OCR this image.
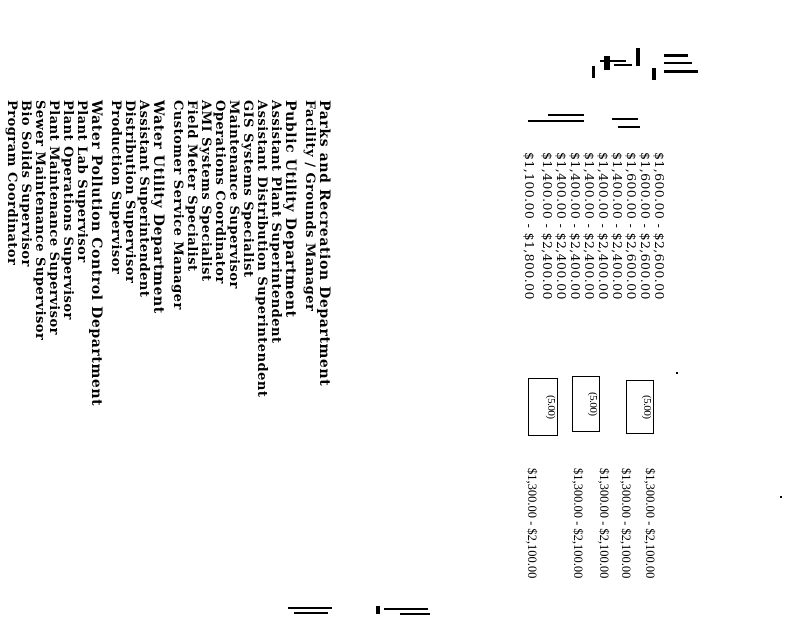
Parks and Recreation Department
Facility / Grounds Manager
Public Utility Department
Assistant Plant Superintendent
Assistant Distribution Superintendent
GIS Systems Specialist
Maintenance Supervisor
Operations Coordinator
AMI Systems Specialist
Field Meter Specialist
Customer Service Manager
Water Utility Department
Assistant Superintendent
Distribution Supervisor
Production Supervisor
Water Pollution Control Department
Plant Lab Supervisor
Plant Operations Supervisor
Plant Maintenance Supervisor
Sewer Maintenance Supervisor
Bio Solids Supervisor
Program Coordinator	$1,600.00 - $2,600.00
$1,600.00 - $2,600.00
$1,600.00 - $2,600.00
$1,400.00 - $2,400.00
$1,400.00 - $2,400.00
$1,400.00 - $2,400.00
$1,400.00 - $2,400.00
$1,400.00 - $2,400.00
$1,400.00 - $2,400.00
$1,100.00 - $1,800.00
(5.00)
(5.00)
(5.00)
$1,300.00 - $2,100.00
$1,300.00 - $2,100.00
$1,300.00 - $2,100.00
$1,300.00 - $2,100.00
$1,300.00 - $2,100.00
